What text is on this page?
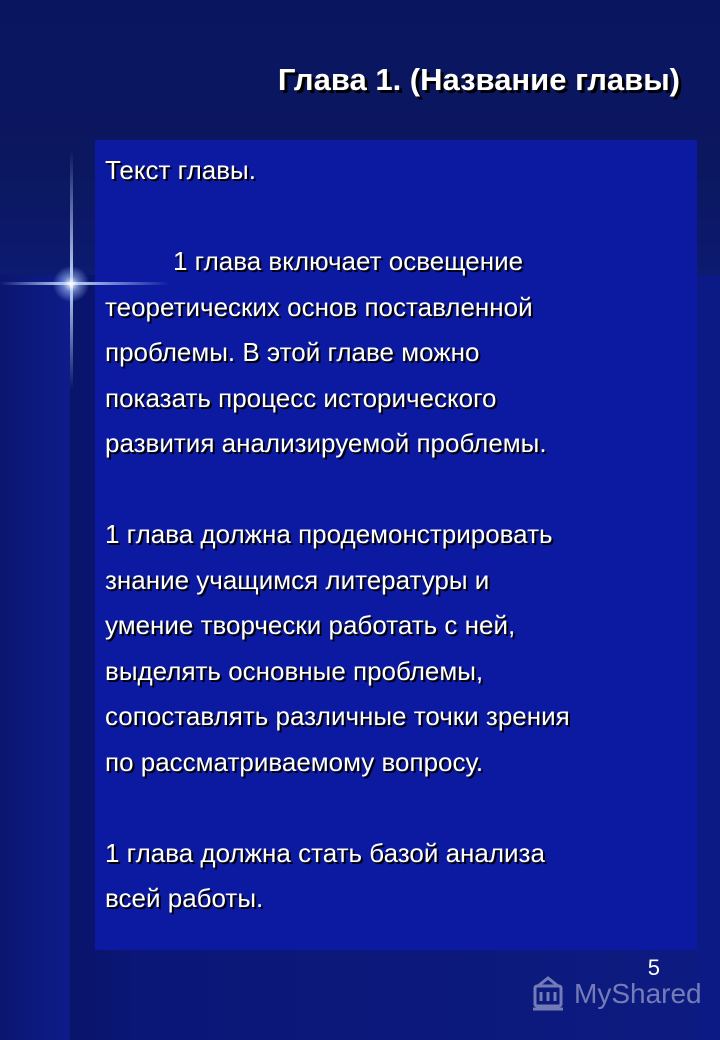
Глава 1. (Название главы)

Текст главы.

1 глава включает освещение

теоретических основ поставленной

проблемы. В этой главе можно

показать процесс исторического

развития анализируемой проблемы.

1 глава должна продемонстрировать

знание учащимся литературы и

умение творчески работать с ней,

выделять основные проблемы,

сопоставлять различные точки зрения

по рассматриваемому вопросу.

1 глава должна стать базой анализа

всей работы.

5
MyShared
